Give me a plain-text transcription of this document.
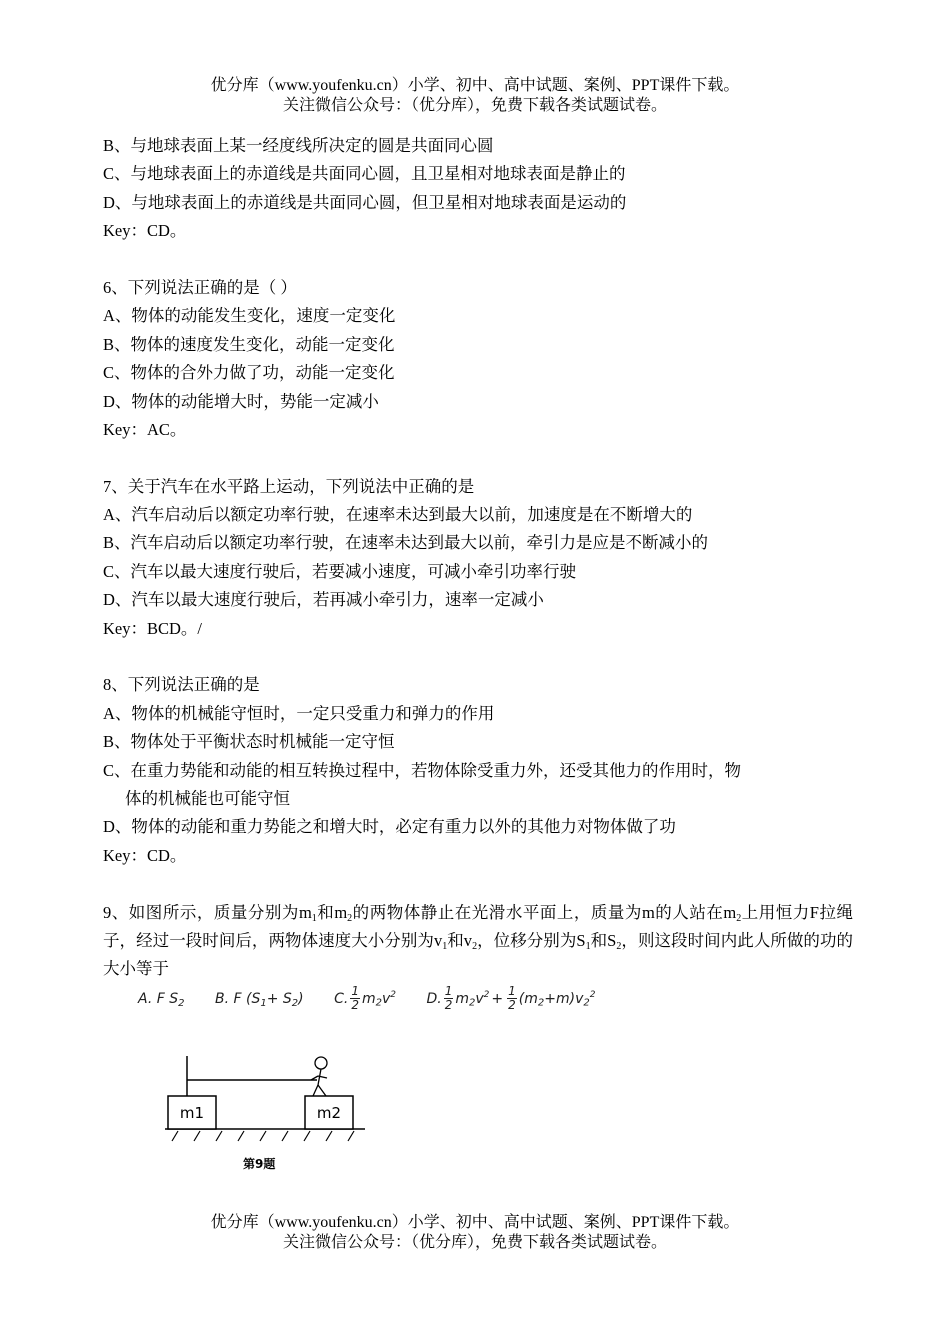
优分库（www.youfenku.cn）小学、初中、高中试题、案例、PPT课件下载。
关注微信公众号：（优分库），免费下载各类试题试卷。
B、与地球表面上某一经度线所决定的圆是共面同心圆
C、与地球表面上的赤道线是共面同心圆，且卫星相对地球表面是静止的
D、与地球表面上的赤道线是共面同心圆，但卫星相对地球表面是运动的
Key：CD。
6、下列说法正确的是（ ）
A、物体的动能发生变化，速度一定变化
B、物体的速度发生变化，动能一定变化
C、物体的合外力做了功，动能一定变化
D、物体的动能增大时，势能一定减小
Key：AC。
7、关于汽车在水平路上运动，下列说法中正确的是
A、汽车启动后以额定功率行驶，在速率未达到最大以前，加速度是在不断增大的
B、汽车启动后以额定功率行驶，在速率未达到最大以前，牵引力是应是不断减小的
C、汽车以最大速度行驶后，若要减小速度，可减小牵引功率行驶
D、汽车以最大速度行驶后，若再减小牵引力，速率一定减小
Key：BCD。/
8、下列说法正确的是
A、物体的机械能守恒时，一定只受重力和弹力的作用
B、物体处于平衡状态时机械能一定守恒
C、在重力势能和动能的相互转换过程中，若物体除受重力外，还受其他力的作用时，物
体的机械能也可能守恒
D、物体的动能和重力势能之和增大时，必定有重力以外的其他力对物体做了功
Key：CD。
9、如图所示，质量分别为$m_1$和$m_2$的两物体静止在光滑水平面上，质量为m的人站在$m_2$上用恒力F拉绳子，经过一段时间后，两物体速度大小分别为$v_1$和$v_2$，位移分别为$S_1$和$S_2$，则这段时间内此人所做的功的大小等于
A. F $S_2$ B. F $(S_1+ S_2)$ C. $\frac{1}{2} m_2v^2$ D. $\frac{1}{2} m_2v^2 + \frac{1}{2} (m_2+m)v_2^2$
m1	m2
第9题
优分库（www.youfenku.cn）小学、初中、高中试题、案例、PPT课件下载。
关注微信公众号：（优分库），免费下载各类试题试卷。
